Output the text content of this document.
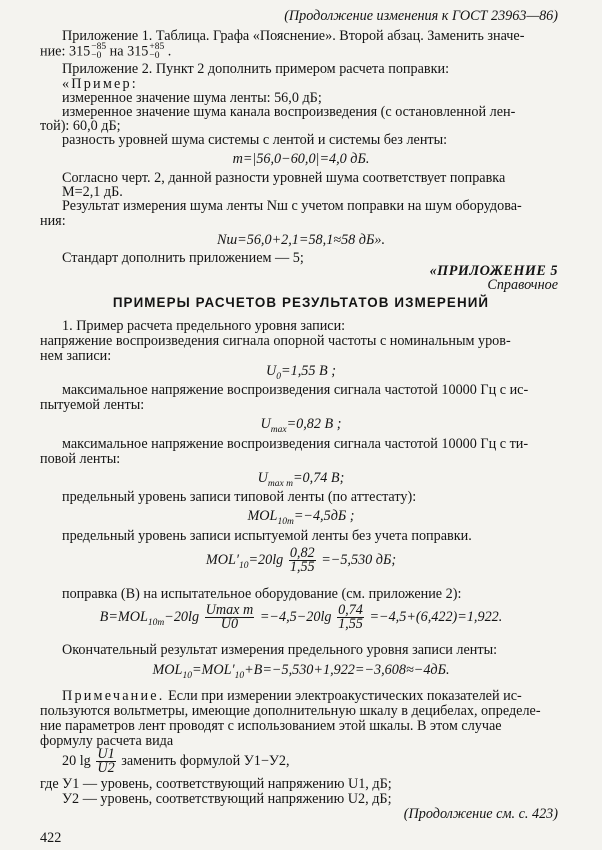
(Продолжение изменения к ГОСТ 23963—86)
Приложение 1. Таблица. Графа «Пояснение». Второй абзац. Заменить значе-
ние: 315 −85
−0 на 315 +85
−0 .
Приложение 2. Пункт 2 дополнить примером расчета поправки:
«Пример:
измеренное значение шума ленты: 56,0 дБ;
измеренное значение шума канала воспроизведения (с остановленной лен-
той): 60,0 дБ;
разность уровней шума системы с лентой и системы без ленты:
m=|56,0−60,0|=4,0 дБ.
Согласно черт. 2, данной разности уровней шума соответствует поправка
M=2,1 дБ.
Результат измерения шума ленты Nш с учетом поправки на шум оборудова-
ния:
Nш=56,0+2,1=58,1≈58 дБ».
Стандарт дополнить приложением — 5;
«ПРИЛОЖЕНИЕ 5
Справочное
ПРИМЕРЫ РАСЧЕТОВ РЕЗУЛЬТАТОВ ИЗМЕРЕНИЙ
1. Пример расчета предельного уровня записи:
напряжение воспроизведения сигнала опорной частоты с номинальным уров-
нем записи:
$U_0=1,55$ В ;
максимальное напряжение воспроизведения сигнала частотой 10000 Гц с ис-
пытуемой ленты:
$U_{max}=0,82$ В ;
максимальное напряжение воспроизведения сигнала частотой 10000 Гц с ти-
повой ленты:
$U_{max т}=0,74$ В;
предельный уровень записи типовой ленты (по аттестату):
$MOL_{10т}=-4,5дБ$ ;
предельный уровень записи испытуемой ленты без учета поправки.
$MOL'_{10}=20\lg \frac{0,82}{1,55} =-5,530$ дБ;
поправка (В) на испытательное оборудование (см. приложение 2):
$B=MOL_{10т}-20\lg \frac{\text{Umax т}}{U0} =-4,5-20\lg \frac{0,74}{1,55} =-4,5+(6,422)=1,922$.
Окончательный результат измерения предельного уровня записи ленты:
$MOL_{10}=MOL'_{10}+B=-5,530+1,922=-3,608\approx-4дБ$.
Примечание. Если при измерении электроакустических показателей ис-
пользуются вольтметры, имеющие дополнительную шкалу в децибелах, определе-
ние параметров лент проводят с использованием этой шкалы. В этом случае
формулу расчета вида
20 $\lg \frac{U1}{U2}$ заменить формулой У1−У2,
где У1 — уровень, соответствующий напряжению U1, дБ;
У2 — уровень, соответствующий напряжению U2, дБ;
(Продолжение см. с. 423)
422
